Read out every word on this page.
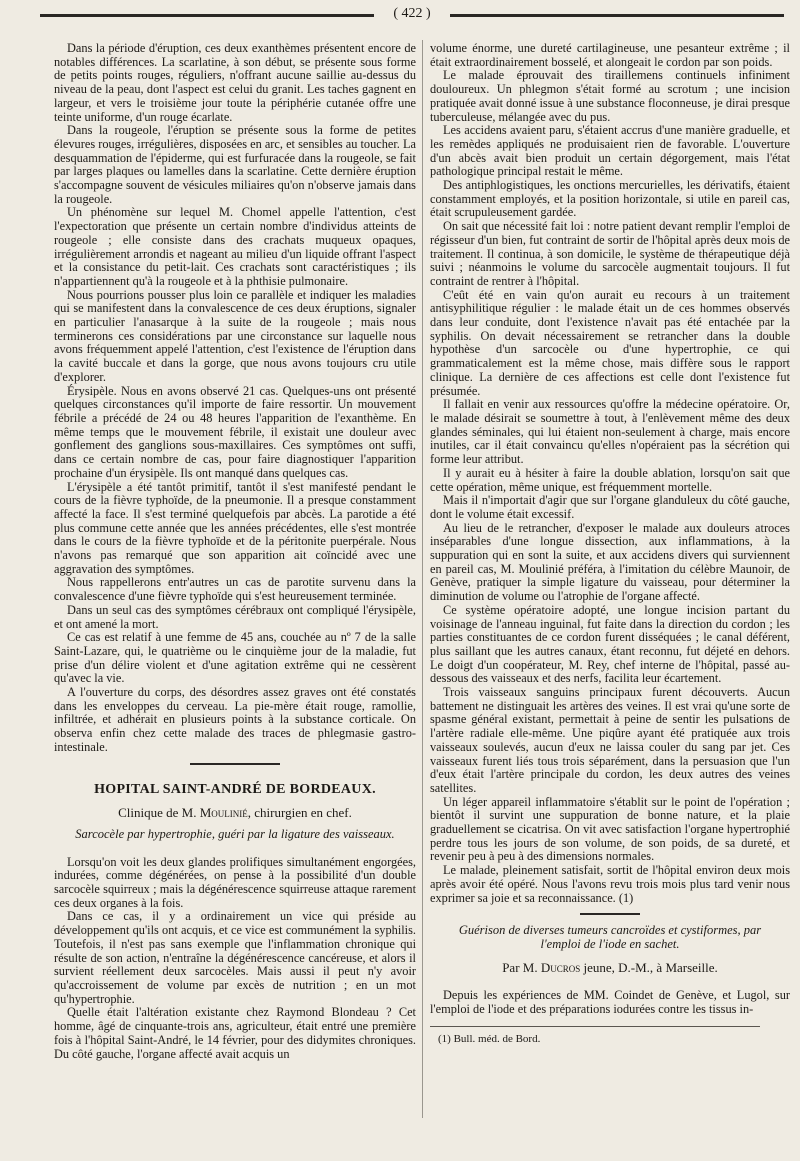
( 422 )

Dans la période d'éruption, ces deux exanthèmes présentent encore de notables différences. La scarlatine, à son début, se présente sous forme de petits points rouges, réguliers, n'offrant aucune saillie au-dessus du niveau de la peau, dont l'aspect est celui du granit. Les taches gagnent en largeur, et vers le troisième jour toute la périphérie cutanée offre une teinte uniforme, d'un rouge écarlate.

Dans la rougeole, l'éruption se présente sous la forme de petites élevures rouges, irrégulières, disposées en arc, et sensibles au toucher. La desquammation de l'épiderme, qui est furfuracée dans la rougeole, se fait par larges plaques ou lamelles dans la scarlatine. Cette dernière éruption s'accompagne souvent de vésicules miliaires qu'on n'observe jamais dans la rougeole.

Un phénomène sur lequel M. Chomel appelle l'attention, c'est l'expectoration que présente un certain nombre d'individus atteints de rougeole ; elle consiste dans des crachats muqueux opaques, irrégulièrement arrondis et nageant au milieu d'un liquide offrant l'aspect et la consistance du petit-lait. Ces crachats sont caractéristiques ; ils n'appartiennent qu'à la rougeole et à la phthisie pulmonaire.

Nous pourrions pousser plus loin ce parallèle et indiquer les maladies qui se manifestent dans la convalescence de ces deux éruptions, signaler en particulier l'anasarque à la suite de la rougeole ; mais nous terminerons ces considérations par une circonstance sur laquelle nous avons fréquemment appelé l'attention, c'est l'existence de l'éruption dans la cavité buccale et dans la gorge, que nous avons toujours cru utile d'explorer.

Érysipèle. Nous en avons observé 21 cas. Quelques-uns ont présenté quelques circonstances qu'il importe de faire ressortir. Un mouvement fébrile a précédé de 24 ou 48 heures l'apparition de l'exanthème. En même temps que le mouvement fébrile, il existait une douleur avec gonflement des ganglions sous-maxillaires. Ces symptômes ont suffi, dans ce certain nombre de cas, pour faire diagnostiquer l'apparition prochaine d'un érysipèle. Ils ont manqué dans quelques cas.

L'érysipèle a été tantôt primitif, tantôt il s'est manifesté pendant le cours de la fièvre typhoïde, de la pneumonie. Il a presque constamment affecté la face. Il s'est terminé quelquefois par abcès. La parotide a été plus commune cette année que les années précédentes, elle s'est montrée dans le cours de la fièvre typhoïde et de la péritonite puerpérale. Nous n'avons pas remarqué que son apparition ait coïncidé avec une aggravation des symptômes.

Nous rappellerons entr'autres un cas de parotite survenu dans la convalescence d'une fièvre typhoïde qui s'est heureusement terminée.

Dans un seul cas des symptômes cérébraux ont compliqué l'érysipèle, et ont amené la mort.

Ce cas est relatif à une femme de 45 ans, couchée au nº 7 de la salle Saint-Lazare, qui, le quatrième ou le cinquième jour de la maladie, fut prise d'un délire violent et d'une agitation extrême qui ne cessèrent qu'avec la vie.

A l'ouverture du corps, des désordres assez graves ont été constatés dans les enveloppes du cerveau. La pie-mère était rouge, ramollie, infiltrée, et adhérait en plusieurs points à la substance corticale. On observa enfin chez cette malade des traces de phlegmasie gastro-intestinale.

HOPITAL SAINT-ANDRÉ DE BORDEAUX.
Clinique de M. Moulinié, chirurgien en chef.
Sarcocèle par hypertrophie, guéri par la ligature des vaisseaux.

Lorsqu'on voit les deux glandes prolifiques simultanément engorgées, indurées, comme dégénérées, on pense à la possibilité d'un double sarcocèle squirreux ; mais la dégénérescence squirreuse attaque rarement ces deux organes à la fois.

Dans ce cas, il y a ordinairement un vice qui préside au développement qu'ils ont acquis, et ce vice est communément la syphilis. Toutefois, il n'est pas sans exemple que l'inflammation chronique qui résulte de son action, n'entraîne la dégénérescence cancéreuse, et alors il survient réellement deux sarcocèles. Mais aussi il peut n'y avoir qu'accroissement de volume par excès de nutrition ; en un mot qu'hypertrophie.

Quelle était l'altération existante chez Raymond Blondeau ? Cet homme, âgé de cinquante-trois ans, agriculteur, était entré une première fois à l'hôpital Saint-André, le 14 février, pour des didymites chroniques. Du côté gauche, l'organe affecté avait acquis un

volume énorme, une dureté cartilagineuse, une pesanteur extrême ; il était extraordinairement bosselé, et alongeait le cordon par son poids.

Le malade éprouvait des tiraillemens continuels infiniment douloureux. Un phlegmon s'était formé au scrotum ; une incision pratiquée avait donné issue à une substance floconneuse, je dirai presque tuberculeuse, mélangée avec du pus.

Les accidens avaient paru, s'étaient accrus d'une manière graduelle, et les remèdes appliqués ne produisaient rien de favorable. L'ouverture d'un abcès avait bien produit un certain dégorgement, mais l'état pathologique principal restait le même.

Des antiphlogistiques, les onctions mercurielles, les dérivatifs, étaient constamment employés, et la position horizontale, si utile en pareil cas, était scrupuleusement gardée.

On sait que nécessité fait loi : notre patient devant remplir l'emploi de régisseur d'un bien, fut contraint de sortir de l'hôpital après deux mois de traitement. Il continua, à son domicile, le système de thérapeutique déjà suivi ; néanmoins le volume du sarcocèle augmentait toujours. Il fut contraint de rentrer à l'hôpital.

C'eût été en vain qu'on aurait eu recours à un traitement antisyphilitique régulier : le malade était un de ces hommes observés dans leur conduite, dont l'existence n'avait pas été entachée par la syphilis. On devait nécessairement se retrancher dans la double hypothèse d'un sarcocèle ou d'une hypertrophie, ce qui grammaticalement est la même chose, mais diffère sous le rapport clinique. La dernière de ces affections est celle dont l'existence fut présumée.

Il fallait en venir aux ressources qu'offre la médecine opératoire. Or, le malade désirait se soumettre à tout, à l'enlèvement même des deux glandes séminales, qui lui étaient non-seulement à charge, mais encore inutiles, car il était convaincu qu'elles n'opéraient pas la sécrétion qui forme leur attribut.

Il y aurait eu à hésiter à faire la double ablation, lorsqu'on sait que cette opération, même unique, est fréquemment mortelle.

Mais il n'importait d'agir que sur l'organe glanduleux du côté gauche, dont le volume était excessif.

Au lieu de le retrancher, d'exposer le malade aux douleurs atroces inséparables d'une longue dissection, aux inflammations, à la suppuration qui en sont la suite, et aux accidens divers qui surviennent en pareil cas, M. Moulinié préféra, à l'imitation du célèbre Maunoir, de Genève, pratiquer la simple ligature du vaisseau, pour déterminer la diminution de volume ou l'atrophie de l'organe affecté.

Ce système opératoire adopté, une longue incision partant du voisinage de l'anneau inguinal, fut faite dans la direction du cordon ; les parties constituantes de ce cordon furent disséquées ; le canal déférent, plus saillant que les autres canaux, étant reconnu, fut déjeté en dehors. Le doigt d'un coopérateur, M. Rey, chef interne de l'hôpital, passé au-dessous des vaisseaux et des nerfs, facilita leur écartement.

Trois vaisseaux sanguins principaux furent découverts. Aucun battement ne distinguait les artères des veines. Il est vrai qu'une sorte de spasme général existant, permettait à peine de sentir les pulsations de l'artère radiale elle-même. Une piqûre ayant été pratiquée aux trois vaisseaux soulevés, aucun d'eux ne laissa couler du sang par jet. Ces vaisseaux furent liés tous trois séparément, dans la persuasion que l'un d'eux était l'artère principale du cordon, les deux autres des veines satellites.

Un léger appareil inflammatoire s'établit sur le point de l'opération ; bientôt il survint une suppuration de bonne nature, et la plaie graduellement se cicatrisa. On vit avec satisfaction l'organe hypertrophié perdre tous les jours de son volume, de son poids, de sa dureté, et revenir peu à peu à des dimensions normales.

Le malade, pleinement satisfait, sortit de l'hôpital environ deux mois après avoir été opéré. Nous l'avons revu trois mois plus tard venir nous exprimer sa joie et sa reconnaissance. (1)

Guérison de diverses tumeurs cancroïdes et cystiformes, par l'emploi de l'iode en sachet.
Par M. Ducros jeune, D.-M., à Marseille.

Depuis les expériences de MM. Coindet de Genève, et Lugol, sur l'emploi de l'iode et des préparations iodurées contre les tissus in-

(1) Bull. méd. de Bord.
